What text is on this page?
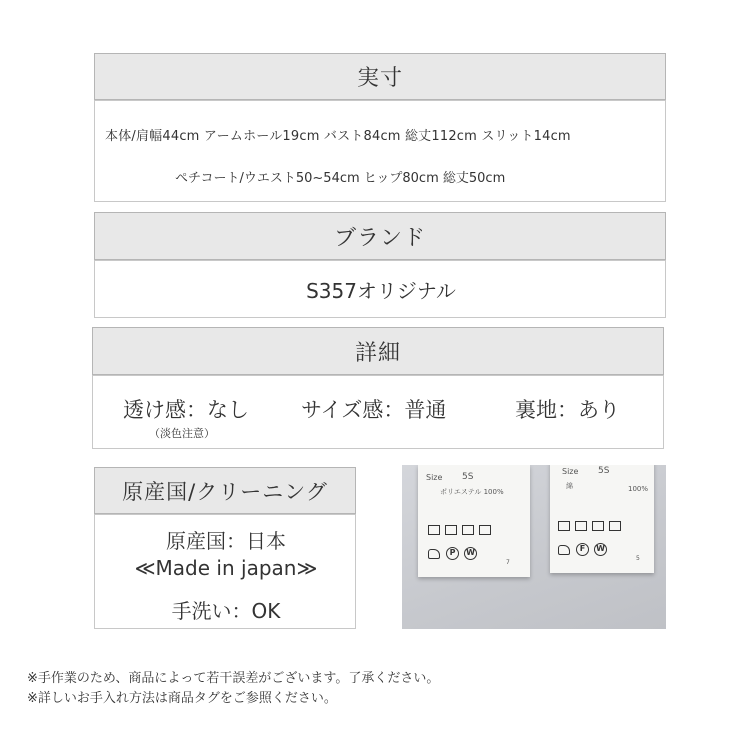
実寸
本体/肩幅44cm アームホール19cm バスト84cm 総丈112cm スリット14cm
ペチコート/ウエスト50~54cm ヒップ80cm 総丈50cm
ブランド
S357オリジナル
詳細
透け感：なし
（淡色注意）
サイズ感：普通	裏地：あり
原産国/クリーニング
原産国：日本
≪Made in japan≫
手洗い：OK
Size 5S
ポリエステル 100%
P	W
7
Size 5S
綿	100%
F	W
5
※手作業のため、商品によって若干誤差がございます。了承ください。
※詳しいお手入れ方法は商品タグをご参照ください。
